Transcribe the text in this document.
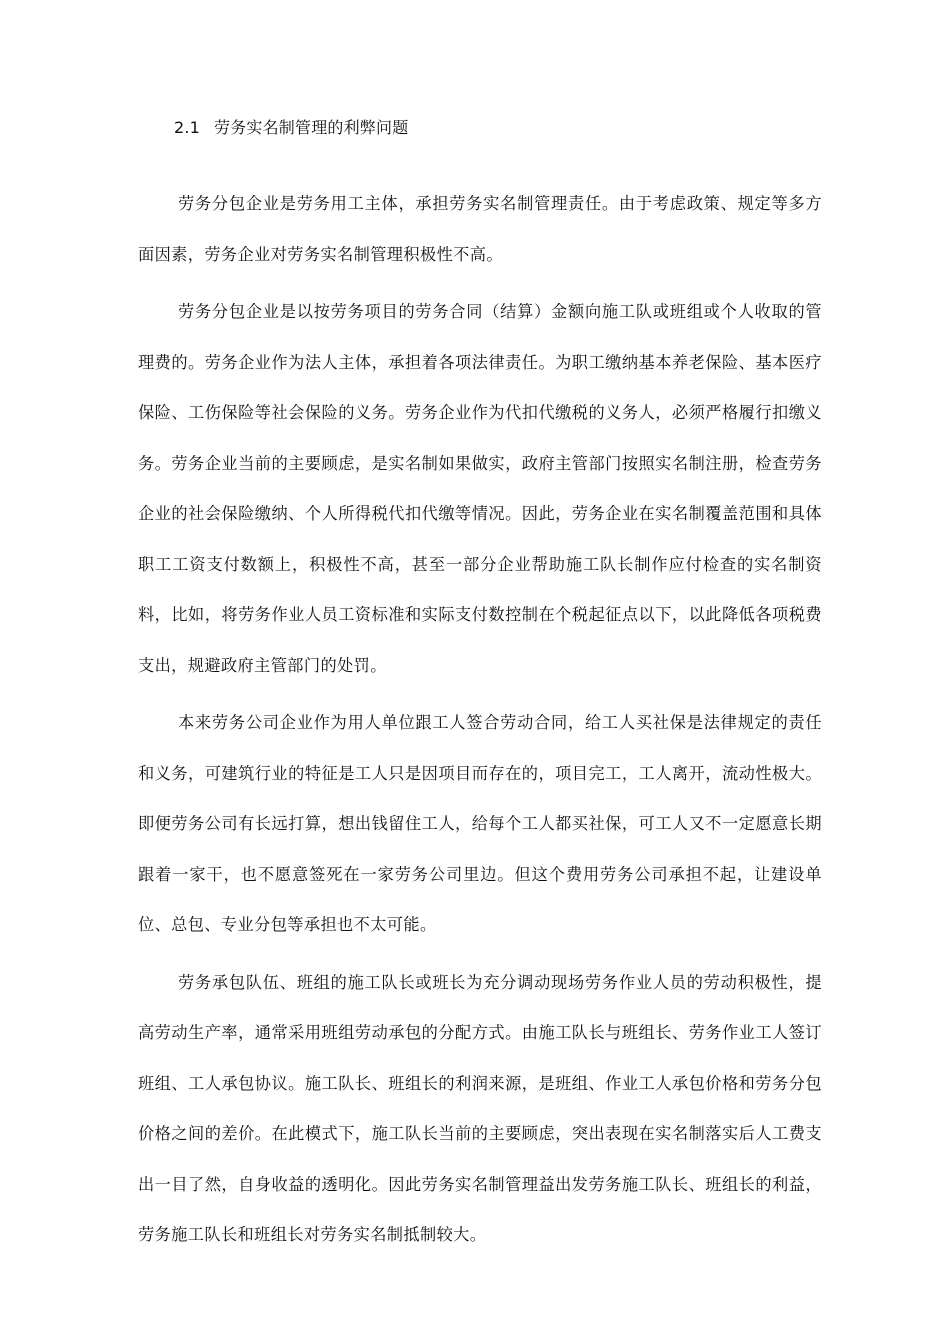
2.1 劳务实名制管理的利弊问题

劳务分包企业是劳务用工主体，承担劳务实名制管理责任。由于考虑政策、规定等多方面因素，劳务企业对劳务实名制管理积极性不高。

劳务分包企业是以按劳务项目的劳务合同（结算）金额向施工队或班组或个人收取的管理费的。劳务企业作为法人主体，承担着各项法律责任。为职工缴纳基本养老保险、基本医疗保险、工伤保险等社会保险的义务。劳务企业作为代扣代缴税的义务人，必须严格履行扣缴义务。劳务企业当前的主要顾虑，是实名制如果做实，政府主管部门按照实名制注册，检查劳务企业的社会保险缴纳、个人所得税代扣代缴等情况。因此，劳务企业在实名制覆盖范围和具体职工工资支付数额上，积极性不高，甚至一部分企业帮助施工队长制作应付检查的实名制资料，比如，将劳务作业人员工资标准和实际支付数控制在个税起征点以下，以此降低各项税费支出，规避政府主管部门的处罚。

本来劳务公司企业作为用人单位跟工人签合劳动合同，给工人买社保是法律规定的责任和义务，可建筑行业的特征是工人只是因项目而存在的，项目完工，工人离开，流动性极大。即便劳务公司有长远打算，想出钱留住工人，给每个工人都买社保，可工人又不一定愿意长期跟着一家干，也不愿意签死在一家劳务公司里边。但这个费用劳务公司承担不起，让建设单位、总包、专业分包等承担也不太可能。

劳务承包队伍、班组的施工队长或班长为充分调动现场劳务作业人员的劳动积极性，提高劳动生产率，通常采用班组劳动承包的分配方式。由施工队长与班组长、劳务作业工人签订班组、工人承包协议。施工队长、班组长的利润来源，是班组、作业工人承包价格和劳务分包价格之间的差价。在此模式下，施工队长当前的主要顾虑，突出表现在实名制落实后人工费支出一目了然，自身收益的透明化。因此劳务实名制管理益出发劳务施工队长、班组长的利益，劳务施工队长和班组长对劳务实名制抵制较大。
